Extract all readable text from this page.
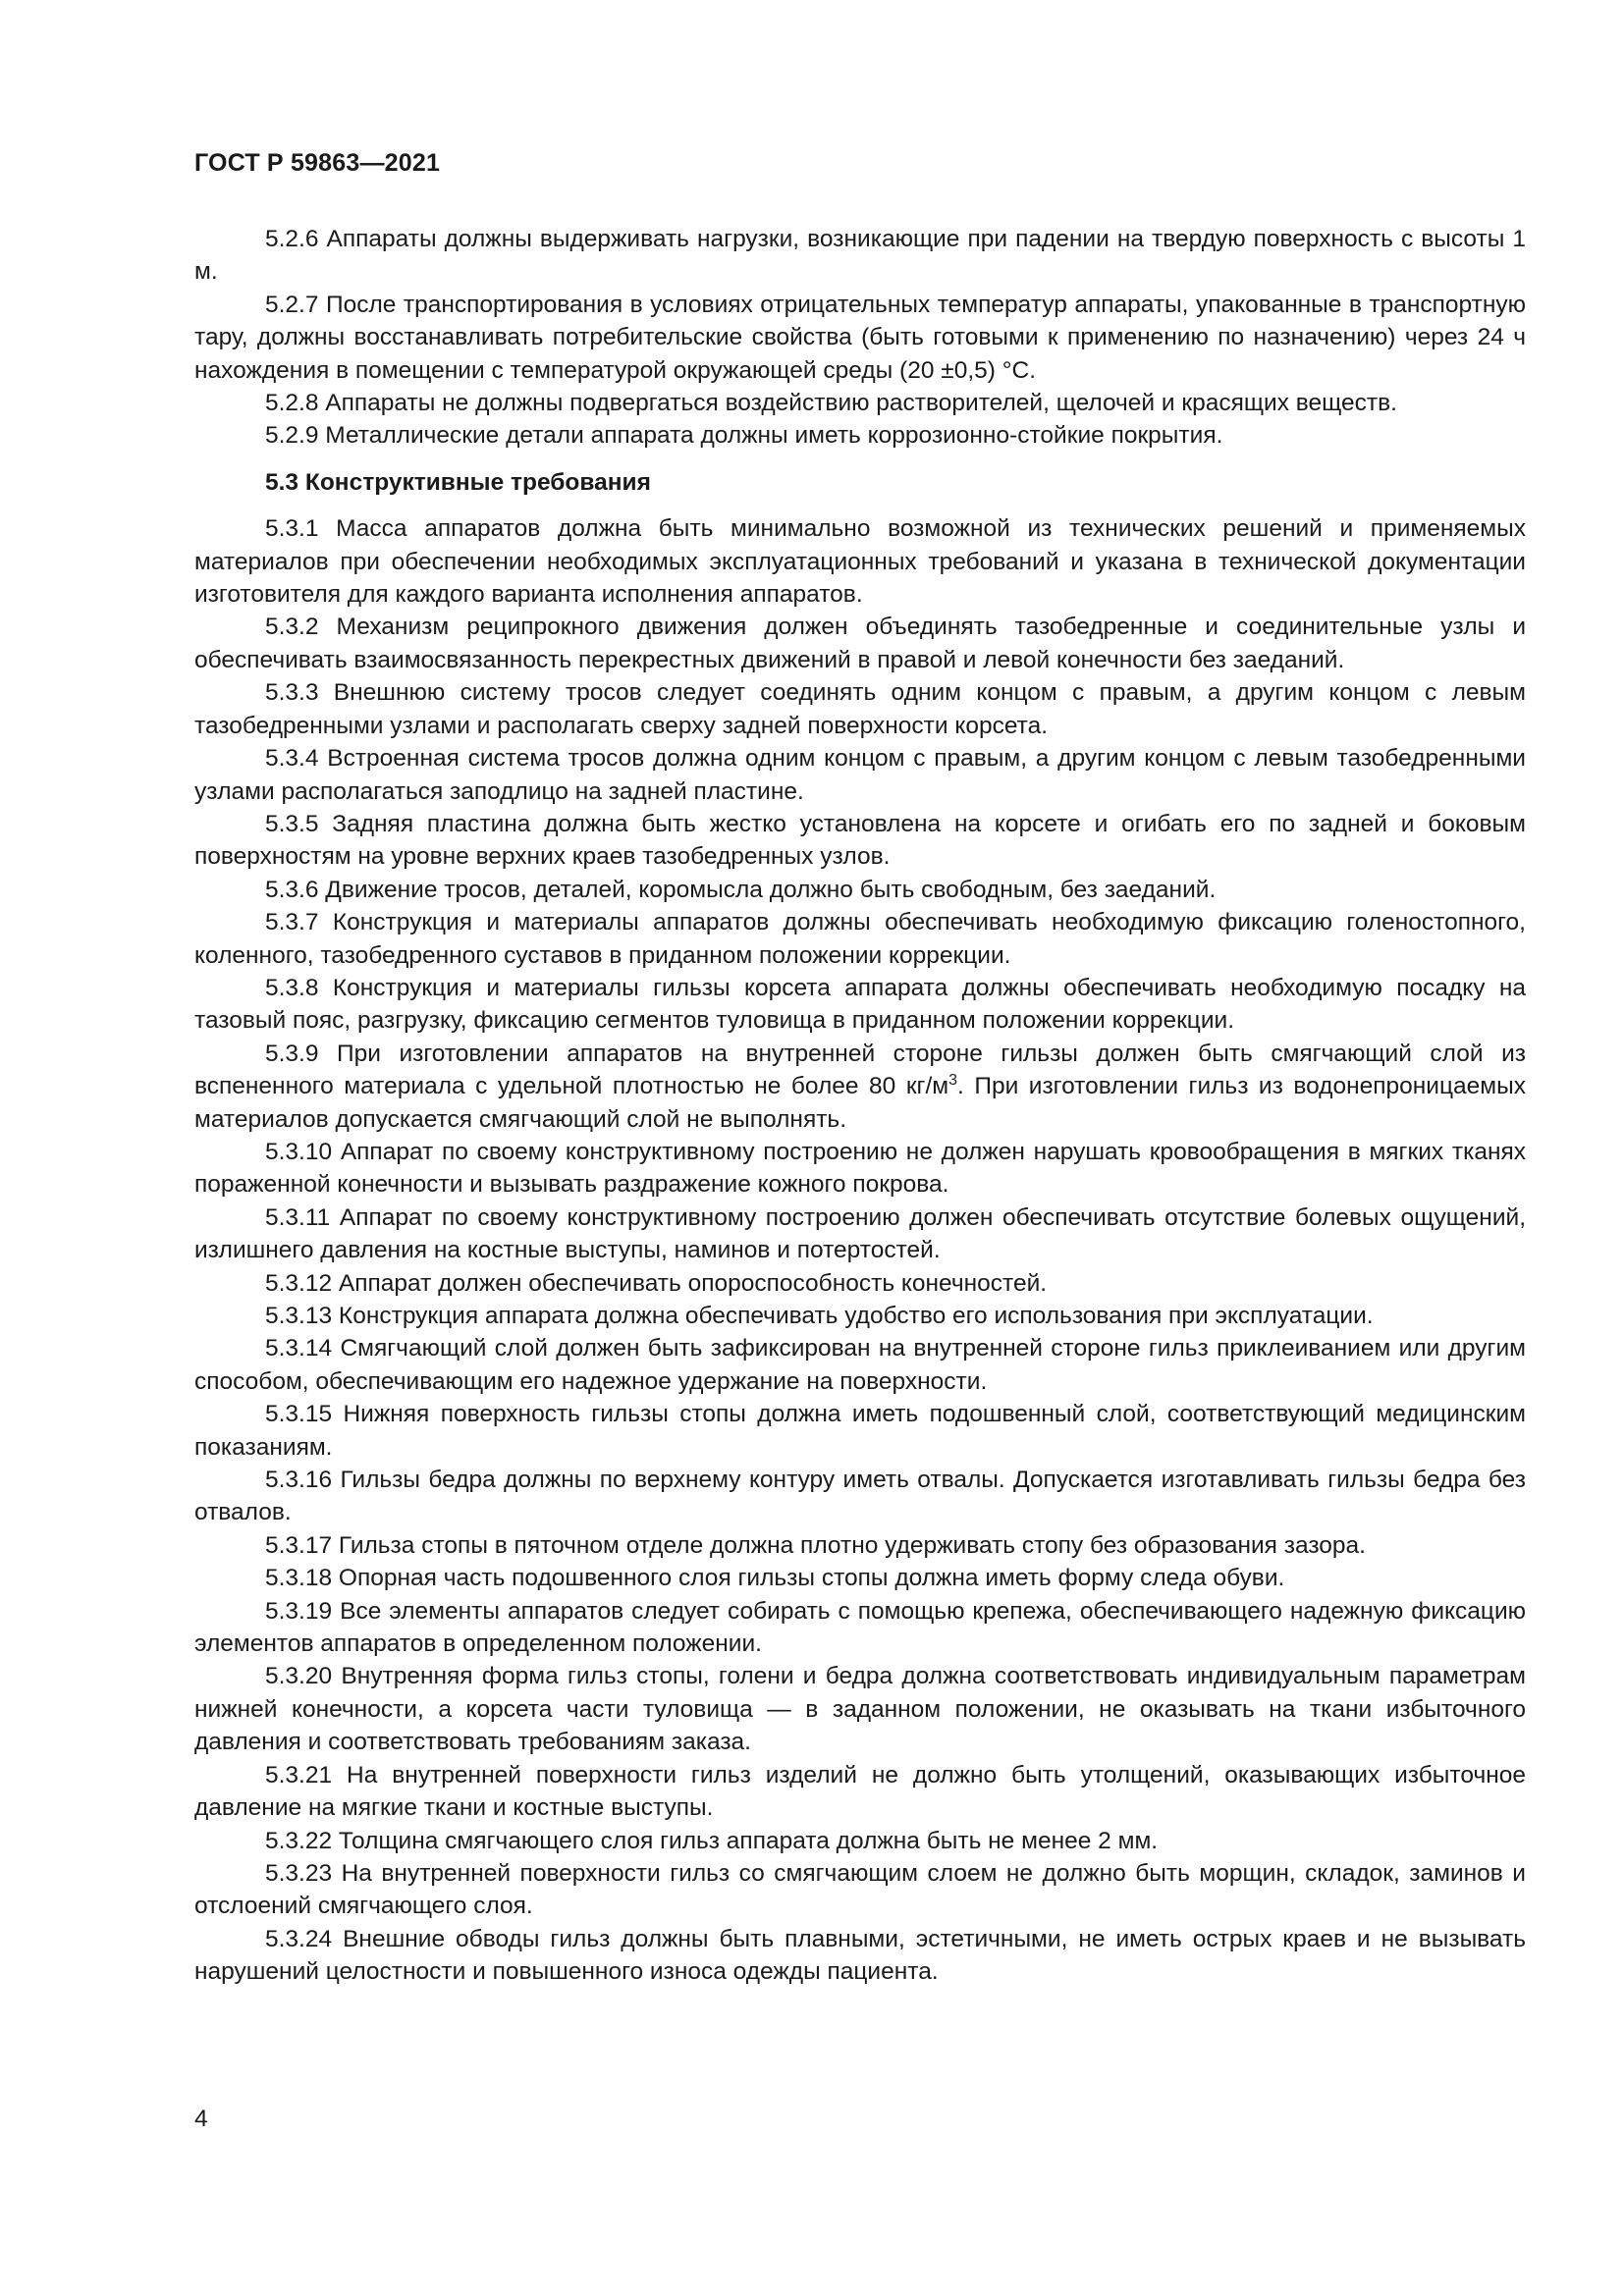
ГОСТ Р 59863—2021

5.2.6 Аппараты должны выдерживать нагрузки, возникающие при падении на твердую поверхность с высоты 1 м.

5.2.7 После транспортирования в условиях отрицательных температур аппараты, упакованные в транспортную тару, должны восстанавливать потребительские свойства (быть готовыми к применению по назначению) через 24 ч нахождения в помещении с температурой окружающей среды (20 ±0,5) °С.

5.2.8 Аппараты не должны подвергаться воздействию растворителей, щелочей и красящих веществ.

5.2.9 Металлические детали аппарата должны иметь коррозионно-стойкие покрытия.

5.3 Конструктивные требования

5.3.1 Масса аппаратов должна быть минимально возможной из технических решений и применяемых материалов при обеспечении необходимых эксплуатационных требований и указана в технической документации изготовителя для каждого варианта исполнения аппаратов.

5.3.2 Механизм реципрокного движения должен объединять тазобедренные и соединительные узлы и обеспечивать взаимосвязанность перекрестных движений в правой и левой конечности без заеданий.

5.3.3 Внешнюю систему тросов следует соединять одним концом с правым, а другим концом с левым тазобедренными узлами и располагать сверху задней поверхности корсета.

5.3.4 Встроенная система тросов должна одним концом с правым, а другим концом с левым тазобедренными узлами располагаться заподлицо на задней пластине.

5.3.5 Задняя пластина должна быть жестко установлена на корсете и огибать его по задней и боковым поверхностям на уровне верхних краев тазобедренных узлов.

5.3.6 Движение тросов, деталей, коромысла должно быть свободным, без заеданий.

5.3.7 Конструкция и материалы аппаратов должны обеспечивать необходимую фиксацию голеностопного, коленного, тазобедренного суставов в приданном положении коррекции.

5.3.8 Конструкция и материалы гильзы корсета аппарата должны обеспечивать необходимую посадку на тазовый пояс, разгрузку, фиксацию сегментов туловища в приданном положении коррекции.

5.3.9 При изготовлении аппаратов на внутренней стороне гильзы должен быть смягчающий слой из вспененного материала с удельной плотностью не более 80 $кг/м^3$. При изготовлении гильз из водонепроницаемых материалов допускается смягчающий слой не выполнять.

5.3.10 Аппарат по своему конструктивному построению не должен нарушать кровообращения в мягких тканях пораженной конечности и вызывать раздражение кожного покрова.

5.3.11 Аппарат по своему конструктивному построению должен обеспечивать отсутствие болевых ощущений, излишнего давления на костные выступы, наминов и потертостей.

5.3.12 Аппарат должен обеспечивать опороспособность конечностей.

5.3.13 Конструкция аппарата должна обеспечивать удобство его использования при эксплуатации.

5.3.14 Смягчающий слой должен быть зафиксирован на внутренней стороне гильз приклеиванием или другим способом, обеспечивающим его надежное удержание на поверхности.

5.3.15 Нижняя поверхность гильзы стопы должна иметь подошвенный слой, соответствующий медицинским показаниям.

5.3.16 Гильзы бедра должны по верхнему контуру иметь отвалы. Допускается изготавливать гильзы бедра без отвалов.

5.3.17 Гильза стопы в пяточном отделе должна плотно удерживать стопу без образования зазора.

5.3.18 Опорная часть подошвенного слоя гильзы стопы должна иметь форму следа обуви.

5.3.19 Все элементы аппаратов следует собирать с помощью крепежа, обеспечивающего надежную фиксацию элементов аппаратов в определенном положении.

5.3.20 Внутренняя форма гильз стопы, голени и бедра должна соответствовать индивидуальным параметрам нижней конечности, а корсета части туловища — в заданном положении, не оказывать на ткани избыточного давления и соответствовать требованиям заказа.

5.3.21 На внутренней поверхности гильз изделий не должно быть утолщений, оказывающих избыточное давление на мягкие ткани и костные выступы.

5.3.22 Толщина смягчающего слоя гильз аппарата должна быть не менее 2 мм.

5.3.23 На внутренней поверхности гильз со смягчающим слоем не должно быть морщин, складок, заминов и отслоений смягчающего слоя.

5.3.24 Внешние обводы гильз должны быть плавными, эстетичными, не иметь острых краев и не вызывать нарушений целостности и повышенного износа одежды пациента.

4
